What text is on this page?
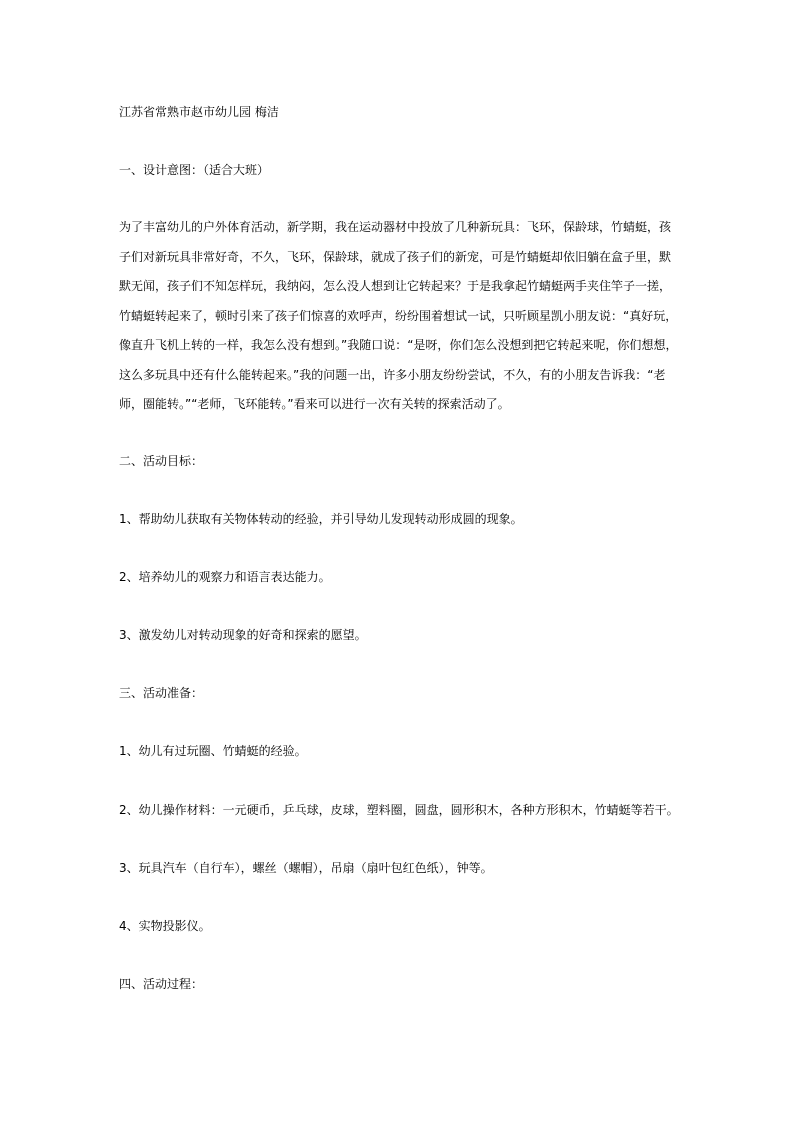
江苏省常熟市赵市幼儿园 梅洁
一、设计意图：（适合大班）
为了丰富幼儿的户外体育活动，新学期，我在运动器材中投放了几种新玩具：飞环，保龄球，竹蜻蜓，孩
子们对新玩具非常好奇，不久，飞环，保龄球，就成了孩子们的新宠，可是竹蜻蜓却依旧躺在盒子里，默
默无闻，孩子们不知怎样玩，我纳闷，怎么没人想到让它转起来？于是我拿起竹蜻蜓两手夹住竿子一搓，
竹蜻蜓转起来了，顿时引来了孩子们惊喜的欢呼声，纷纷围着想试一试，只听顾星凯小朋友说：“真好玩，
像直升飞机上转的一样，我怎么没有想到。”我随口说：“是呀，你们怎么没想到把它转起来呢，你们想想，
这么多玩具中还有什么能转起来。”我的问题一出，许多小朋友纷纷尝试，不久，有的小朋友告诉我：“老
师，圈能转。”“老师，飞环能转。”看来可以进行一次有关转的探索活动了。
二、活动目标：
1、帮助幼儿获取有关物体转动的经验，并引导幼儿发现转动形成圆的现象。
2、培养幼儿的观察力和语言表达能力。
3、激发幼儿对转动现象的好奇和探索的愿望。
三、活动准备：
1、幼儿有过玩圈、竹蜻蜓的经验。
2、幼儿操作材料：一元硬币，乒乓球，皮球，塑料圈，圆盘，圆形积木，各种方形积木，竹蜻蜓等若干。
3、玩具汽车（自行车），螺丝（螺帽），吊扇（扇叶包红色纸），钟等。
4、实物投影仪。
四、活动过程：
